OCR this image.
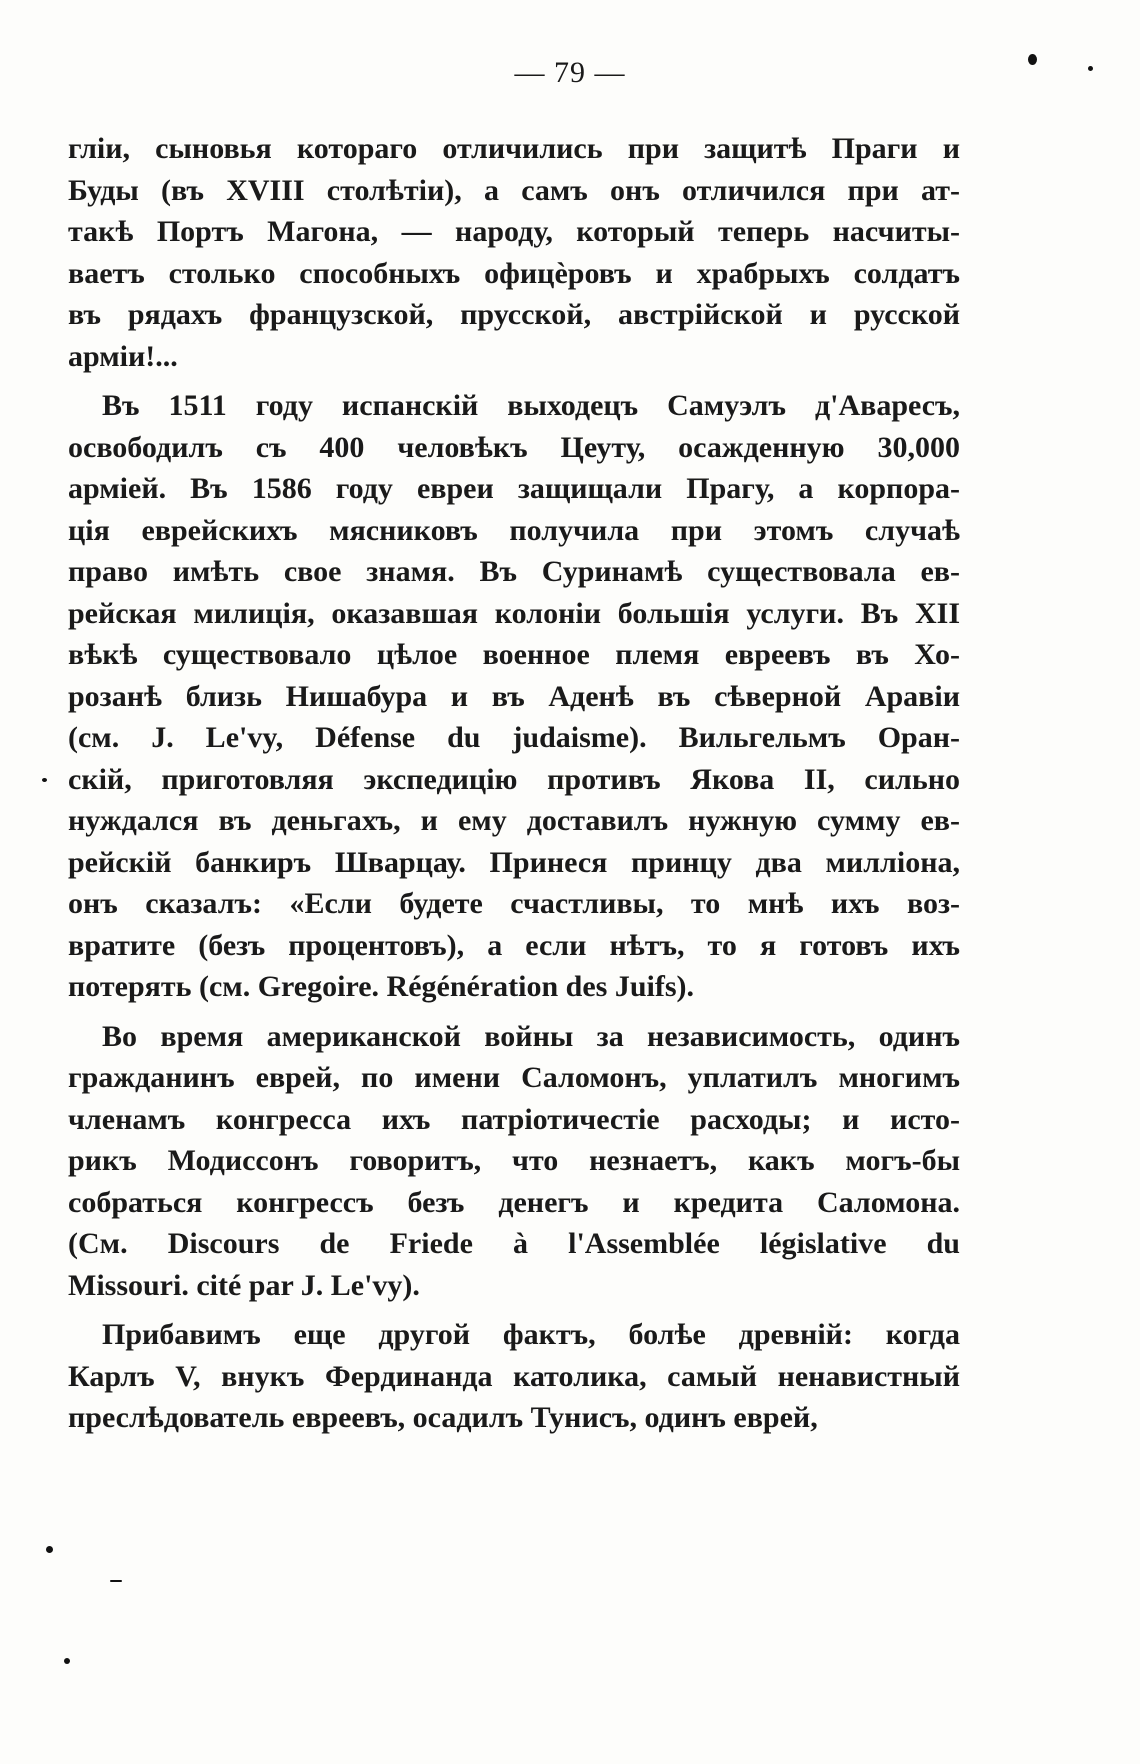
— 79 —

гліи, сыновья котораго отличились при защитѣ Праги и
Буды (въ XVIII столѣтіи), а самъ онъ отличился при ат-
такѣ Портъ Магона, — народу, который теперь насчиты-
ваетъ столько способныхъ офицѐровъ и храбрыхъ солдатъ
въ рядахъ французской, прусской, австрійской и русской
арміи!...

Въ 1511 году испанскій выходецъ Самуэлъ д'Аваресъ,
освободилъ съ 400 человѣкъ Цеуту, осажденную 30,000
арміей. Въ 1586 году евреи защищали Прагу, а корпора-
ція еврейскихъ мясниковъ получила при этомъ случаѣ
право имѣть свое знамя. Въ Суринамѣ существовала ев-
рейская милиція, оказавшая колоніи большія услуги. Въ XII
вѣкѣ существовало цѣлое военное племя евреевъ въ Хо-
розанѣ близь Нишабура и въ Аденѣ въ сѣверной Аравіи
(см. J. Le'vy, Défense du judaisme). Вильгельмъ Оран-
скій, приготовляя экспедицію противъ Якова II, сильно
нуждался въ деньгахъ, и ему доставилъ нужную сумму ев-
рейскій банкиръ Шварцау. Принеся принцу два милліона,
онъ сказалъ: «Если будете счастливы, то мнѣ ихъ воз-
вратите (безъ процентовъ), а если нѣтъ, то я готовъ ихъ
потерять (см. Gregoire. Régénération des Juifs).

Во время американской войны за независимость, одинъ
гражданинъ еврей, по имени Саломонъ, уплатилъ многимъ
членамъ конгресса ихъ патріотичестіе расходы; и исто-
рикъ Модиссонъ говоритъ, что незнаетъ, какъ могъ-бы
собраться конгрессъ безъ денегъ и кредита Саломона.
(См. Discours de Friede à l'Assemblée législative du
Missouri. cité par J. Le'vy).

Прибавимъ еще другой фактъ, болѣе древній: когда
Карлъ V, внукъ Фердинанда католика, самый ненавистный
преслѣдователь евреевъ, осадилъ Тунисъ, одинъ еврей,
